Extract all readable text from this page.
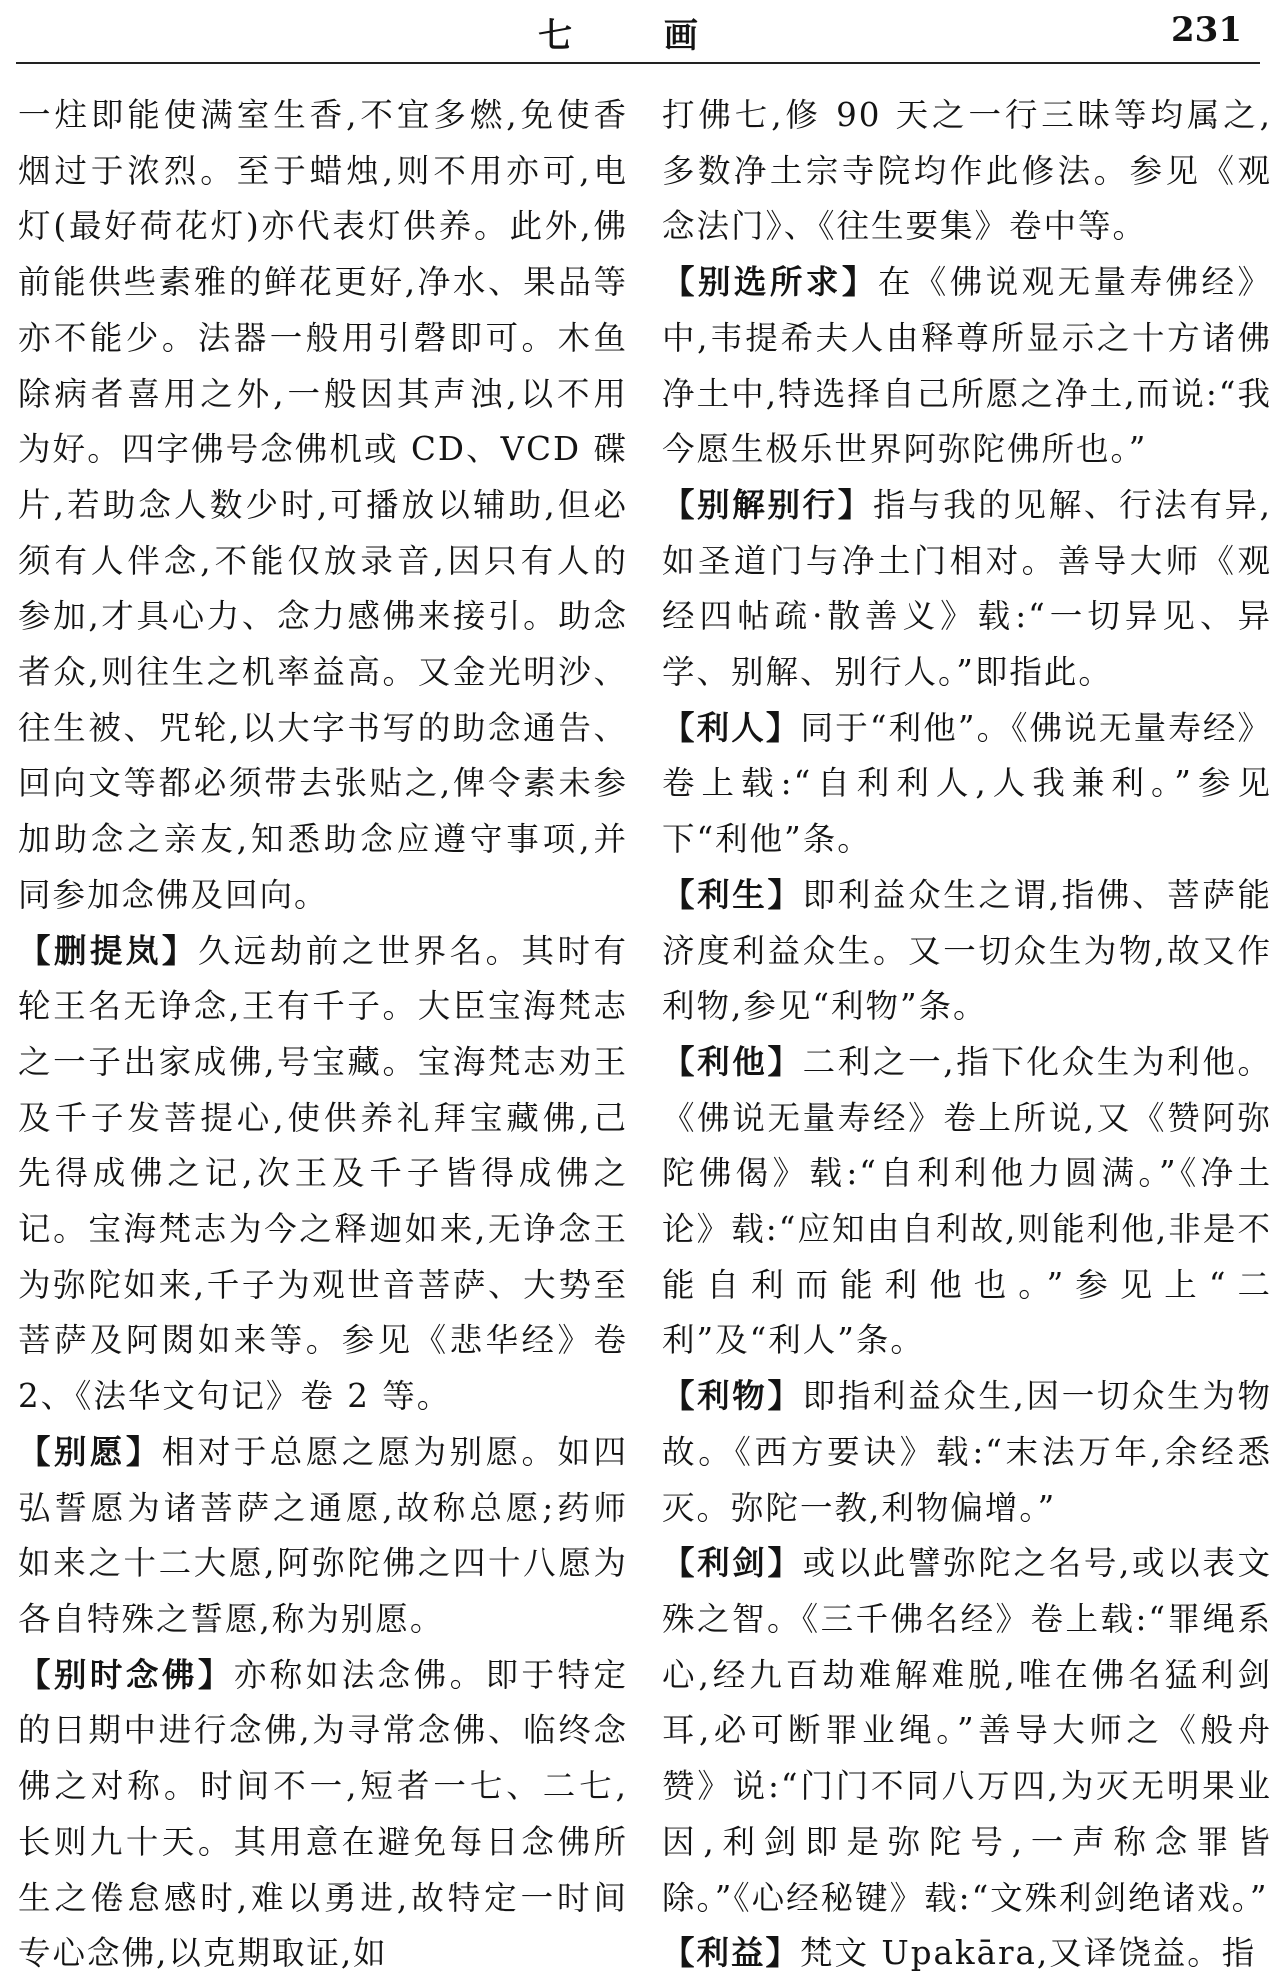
七 画	231

一炷即能使满室生香,不宜多燃,免使香烟过于浓烈。至于蜡烛,则不用亦可,电灯(最好荷花灯)亦代表灯供养。此外,佛前能供些素雅的鲜花更好,净水、果品等亦不能少。法器一般用引磬即可。木鱼除病者喜用之外,一般因其声浊,以不用为好。四字佛号念佛机或 CD、VCD 碟片,若助念人数少时,可播放以辅助,但必须有人伴念,不能仅放录音,因只有人的参加,才具心力、念力感佛来接引。助念者众,则往生之机率益高。又金光明沙、往生被、咒轮,以大字书写的助念通告、回向文等都必须带去张贴之,俾令素未参加助念之亲友,知悉助念应遵守事项,并同参加念佛及回向。

【删提岚】久远劫前之世界名。其时有轮王名无诤念,王有千子。大臣宝海梵志之一子出家成佛,号宝藏。宝海梵志劝王及千子发菩提心,使供养礼拜宝藏佛,己先得成佛之记,次王及千子皆得成佛之记。宝海梵志为今之释迦如来,无诤念王为弥陀如来,千子为观世音菩萨、大势至菩萨及阿閦如来等。参见《悲华经》卷 2、《法华文句记》卷 2 等。

【别愿】相对于总愿之愿为别愿。如四弘誓愿为诸菩萨之通愿,故称总愿;药师如来之十二大愿,阿弥陀佛之四十八愿为各自特殊之誓愿,称为别愿。

【别时念佛】亦称如法念佛。即于特定的日期中进行念佛,为寻常念佛、临终念佛之对称。时间不一,短者一七、二七,长则九十天。其用意在避免每日念佛所生之倦怠感时,难以勇进,故特定一时间专心念佛,以克期取证,如

打佛七,修 90 天之一行三昧等均属之,多数净土宗寺院均作此修法。参见《观念法门》、《往生要集》卷中等。

【别选所求】在《佛说观无量寿佛经》中,韦提希夫人由释尊所显示之十方诸佛净土中,特选择自己所愿之净土,而说:“我今愿生极乐世界阿弥陀佛所也。”

【别解别行】指与我的见解、行法有异,如圣道门与净土门相对。善导大师《观经四帖疏·散善义》载:“一切异见、异学、别解、别行人。”即指此。

【利人】同于“利他”。《佛说无量寿经》卷上载:“自利利人,人我兼利。”参见下“利他”条。

【利生】即利益众生之谓,指佛、菩萨能济度利益众生。又一切众生为物,故又作利物,参见“利物”条。

【利他】二利之一,指下化众生为利他。《佛说无量寿经》卷上所说,又《赞阿弥陀佛偈》载:“自利利他力圆满。”《净土论》载:“应知由自利故,则能利他,非是不能自利而能利他也。”参见上“二利”及“利人”条。

【利物】即指利益众生,因一切众生为物故。《西方要诀》载:“末法万年,余经悉灭。弥陀一教,利物偏增。”

【利剑】或以此譬弥陀之名号,或以表文殊之智。《三千佛名经》卷上载:“罪绳系心,经九百劫难解难脱,唯在佛名猛利剑耳,必可断罪业绳。”善导大师之《般舟赞》说:“门门不同八万四,为灭无明果业因,利剑即是弥陀号,一声称念罪皆除。”《心经秘键》载:“文殊利剑绝诸戏。”

【利益】梵文 Upakāra,又译饶益。指
